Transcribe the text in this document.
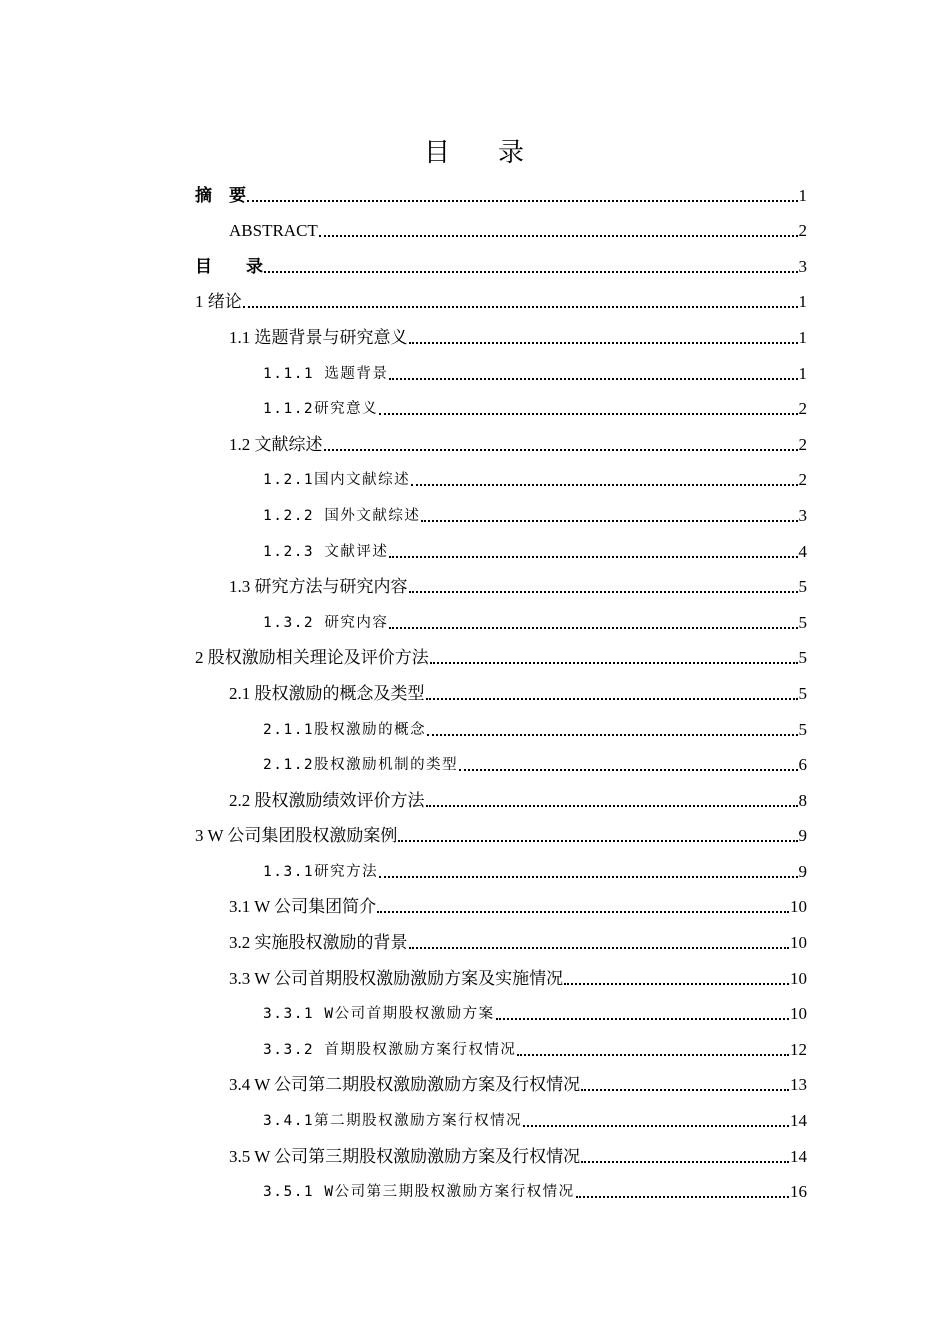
目 录
摘　要	1
ABSTRACT	2
目　　录	3
1 绪论	1
1.1 选题背景与研究意义	1
1.1.1 选题背景	1
1.1.2研究意义	2
1.2 文献综述	2
1.2.1国内文献综述	2
1.2.2 国外文献综述	3
1.2.3 文献评述	4
1.3 研究方法与研究内容	5
1.3.2 研究内容	5
2 股权激励相关理论及评价方法	5
2.1 股权激励的概念及类型	5
2.1.1股权激励的概念	5
2.1.2股权激励机制的类型	6
2.2 股权激励绩效评价方法	8
3 W 公司集团股权激励案例	9
1.3.1研究方法	9
3.1 W 公司集团简介	10
3.2 实施股权激励的背景	10
3.3 W 公司首期股权激励激励方案及实施情况	10
3.3.1 W公司首期股权激励方案	10
3.3.2 首期股权激励方案行权情况	12
3.4 W 公司第二期股权激励激励方案及行权情况	13
3.4.1第二期股权激励方案行权情况	14
3.5 W 公司第三期股权激励激励方案及行权情况	14
3.5.1 W公司第三期股权激励方案行权情况	16
